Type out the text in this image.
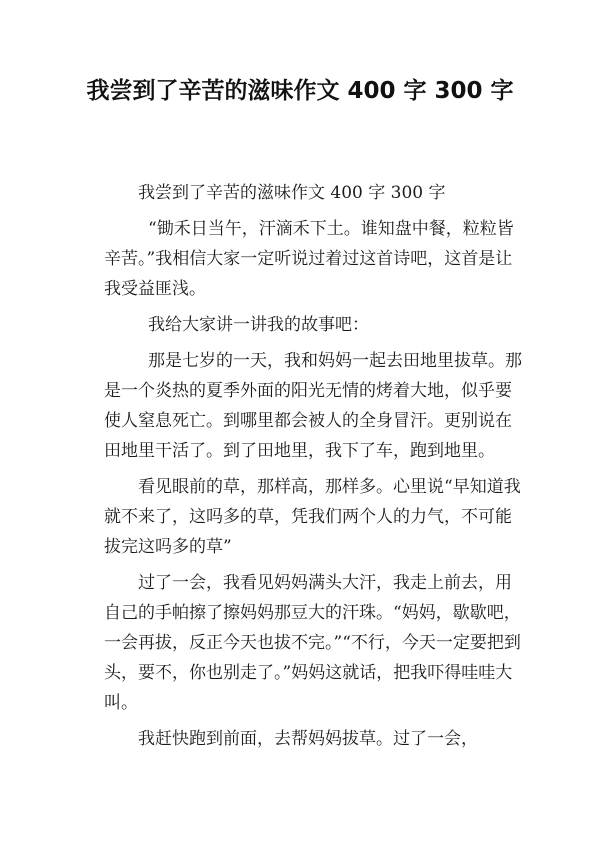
我尝到了辛苦的滋味作文 400 字 300 字

我尝到了辛苦的滋味作文 400 字 300 字

“锄禾日当午，汗滴禾下土。谁知盘中餐，粒粒皆辛苦。”我相信大家一定听说过着过这首诗吧，这首是让我受益匪浅。

我给大家讲一讲我的故事吧：

那是七岁的一天，我和妈妈一起去田地里拔草。那是一个炎热的夏季外面的阳光无情的烤着大地，似乎要使人窒息死亡。到哪里都会被人的全身冒汗。更别说在田地里干活了。到了田地里，我下了车，跑到地里。

看见眼前的草，那样高，那样多。心里说“早知道我就不来了，这吗多的草，凭我们两个人的力气，不可能拔完这吗多的草”

过了一会，我看见妈妈满头大汗，我走上前去，用自己的手帕擦了擦妈妈那豆大的汗珠。“妈妈，歇歇吧，一会再拔，反正今天也拔不完。”“不行，今天一定要把到头，要不，你也别走了。”妈妈这就话，把我吓得哇哇大叫。

我赶快跑到前面，去帮妈妈拔草。过了一会，
